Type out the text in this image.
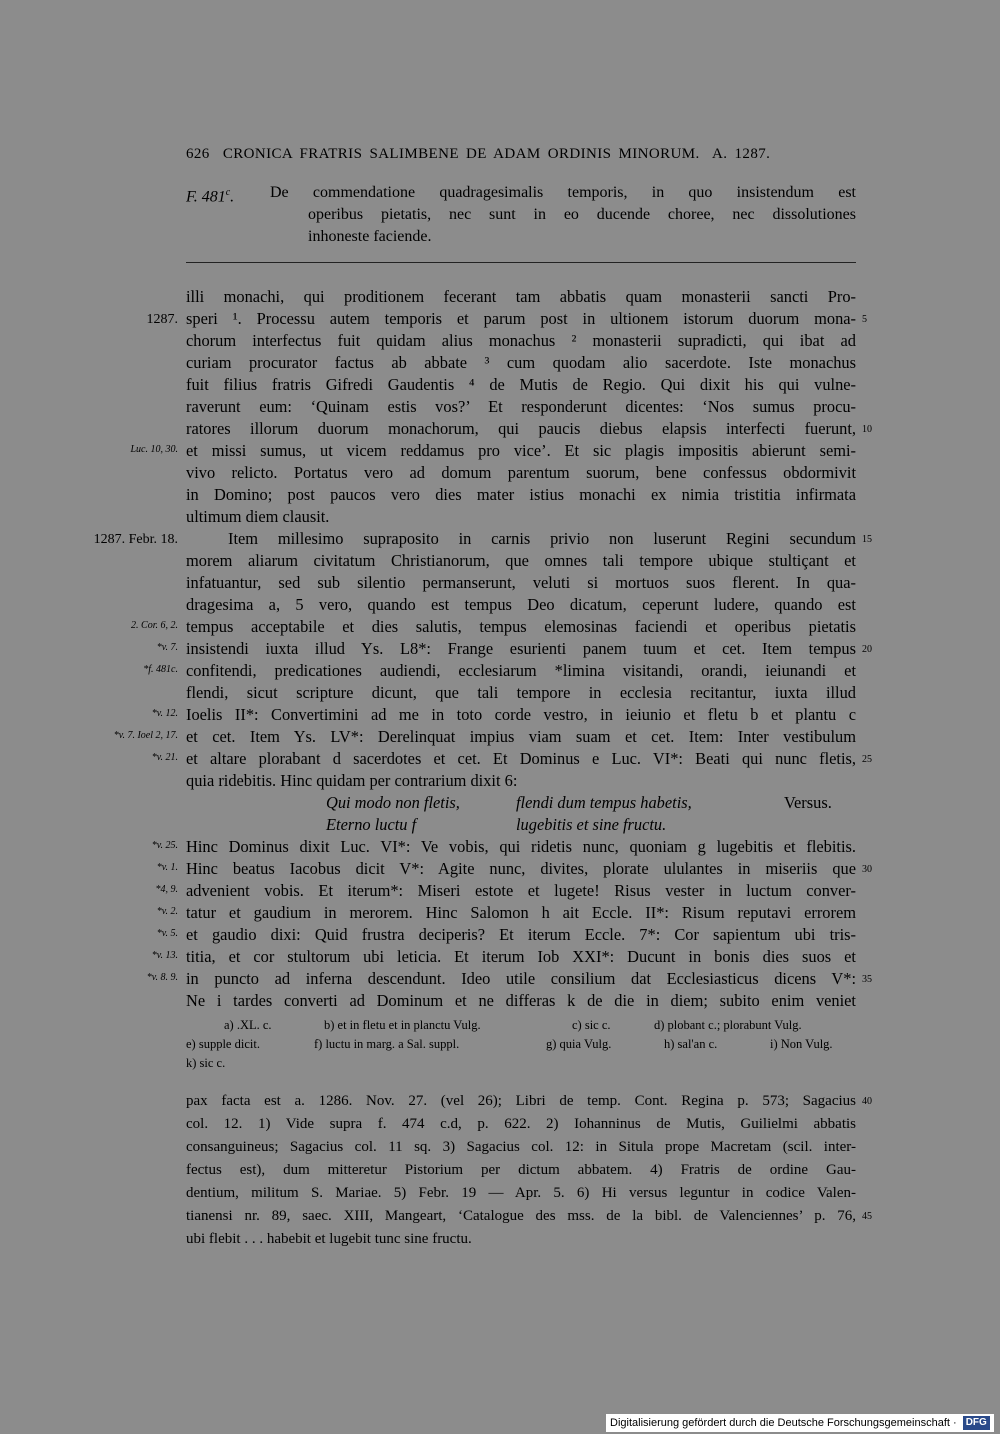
626 CRONICA FRATRIS SALIMBENE DE ADAM ORDINIS MINORUM. A. 1287.
F. 481$^c$. De commendatione quadragesimalis temporis, in quo insistendum est
operibus pietatis, nec sunt in eo ducende choree, nec dissolutiones
inhoneste faciende.
illi monachi, qui proditionem fecerant tam abbatis quam monasterii sancti Pro-
speri ¹. Processu autem temporis et parum post in ultionem istorum duorum mona-
chorum interfectus fuit quidam alius monachus ² monasterii supradicti, qui ibat ad
curiam procurator factus ab abbate ³ cum quodam alio sacerdote. Iste monachus
fuit filius fratris Gifredi Gaudentis ⁴ de Mutis de Regio. Qui dixit his qui vulne-
raverunt eum: ‘Quinam estis vos?’ Et responderunt dicentes: ‘Nos sumus procu-
ratores illorum duorum monachorum, qui paucis diebus elapsis interfecti fuerunt,
et missi sumus, ut vicem reddamus pro vice’. Et sic plagis impositis abierunt semi-
vivo relicto. Portatus vero ad domum parentum suorum, bene confessus obdormivit
in Domino; post paucos vero dies mater istius monachi ex nimia tristitia infirmata
ultimum diem clausit.
Item millesimo supraposito in carnis privio non luserunt Regini secundum
morem aliarum civitatum Christianorum, que omnes tali tempore ubique stultiçant et
infatuantur, sed sub silentio permanserunt, veluti si mortuos suos flerent. In qua-
dragesima a, 5 vero, quando est tempus Deo dicatum, ceperunt ludere, quando est
tempus acceptabile et dies salutis, tempus elemosinas faciendi et operibus pietatis
insistendi iuxta illud Ys. L8*: Frange esurienti panem tuum et cet. Item tempus
confitendi, predicationes audiendi, ecclesiarum *limina visitandi, orandi, ieiunandi et
flendi, sicut scripture dicunt, que tali tempore in ecclesia recitantur, iuxta illud
Ioelis II*: Convertimini ad me in toto corde vestro, in ieiunio et fletu b et plantu c
et cet. Item Ys. LV*: Derelinquat impius viam suam et cet. Item: Inter vestibulum
et altare plorabant d sacerdotes et cet. Et Dominus e Luc. VI*: Beati qui nunc fletis,
quia ridebitis. Hinc quidam per contrarium dixit 6:
Qui modo non fletis,	flendi dum tempus habetis,	Versus.
Eterno luctu f	lugebitis et sine fructu.
Hinc Dominus dixit Luc. VI*: Ve vobis, qui ridetis nunc, quoniam g lugebitis et flebitis.
Hinc beatus Iacobus dicit V*: Agite nunc, divites, plorate ululantes in miseriis que
advenient vobis. Et iterum*: Miseri estote et lugete! Risus vester in luctum conver-
tatur et gaudium in merorem. Hinc Salomon h ait Eccle. II*: Risum reputavi errorem
et gaudio dixi: Quid frustra deciperis? Et iterum Eccle. 7*: Cor sapientum ubi tris-
titia, et cor stultorum ubi leticia. Et iterum Iob XXI*: Ducunt in bonis dies suos et
in puncto ad inferna descendunt. Ideo utile consilium dat Ecclesiasticus dicens V*:
Ne i tardes converti ad Dominum et ne differas k de die in diem; subito enim veniet
a) .XL. c.	b) et in fletu et in planctu Vulg.	c) sic c.	d) plobant c.; plorabunt Vulg.
e) supple dicit.	f) luctu in marg. a Sal. suppl.	g) quia Vulg.	h) sal'an c.	i) Non Vulg.
k) sic c.
pax facta est a. 1286. Nov. 27. (vel 26); Libri de temp. Cont. Regina p. 573; Sagacius
col. 12. 1) Vide supra f. 474 c.d, p. 622. 2) Iohanninus de Mutis, Guilielmi abbatis
consanguineus; Sagacius col. 11 sq. 3) Sagacius col. 12: in Situla prope Macretam (scil. inter-
fectus est), dum mitteretur Pistorium per dictum abbatem. 4) Fratris de ordine Gau-
dentium, militum S. Mariae. 5) Febr. 19 — Apr. 5. 6) Hi versus leguntur in codice Valen-
tianensi nr. 89, saec. XIII, Mangeart, ‘Catalogue des mss. de la bibl. de Valenciennes’ p. 76,
ubi flebit . . . habebit et lugebit tunc sine fructu.
Digitalisierung gefördert durch die Deutsche Forschungsgemeinschaft · DFG
1287.	5
10
Luc. 10, 30.
1287. Febr. 18.	15
2. Cor. 6, 2.
*v. 7.	20
*f. 481c.
*v. 12.
*v. 7. Ioel 2, 17.
*v. 21.	25
*v. 25.
*v. 1.	30
*4, 9.
*v. 2.
*v. 5.
*v. 13.
*v. 8. 9.	35
40
45
